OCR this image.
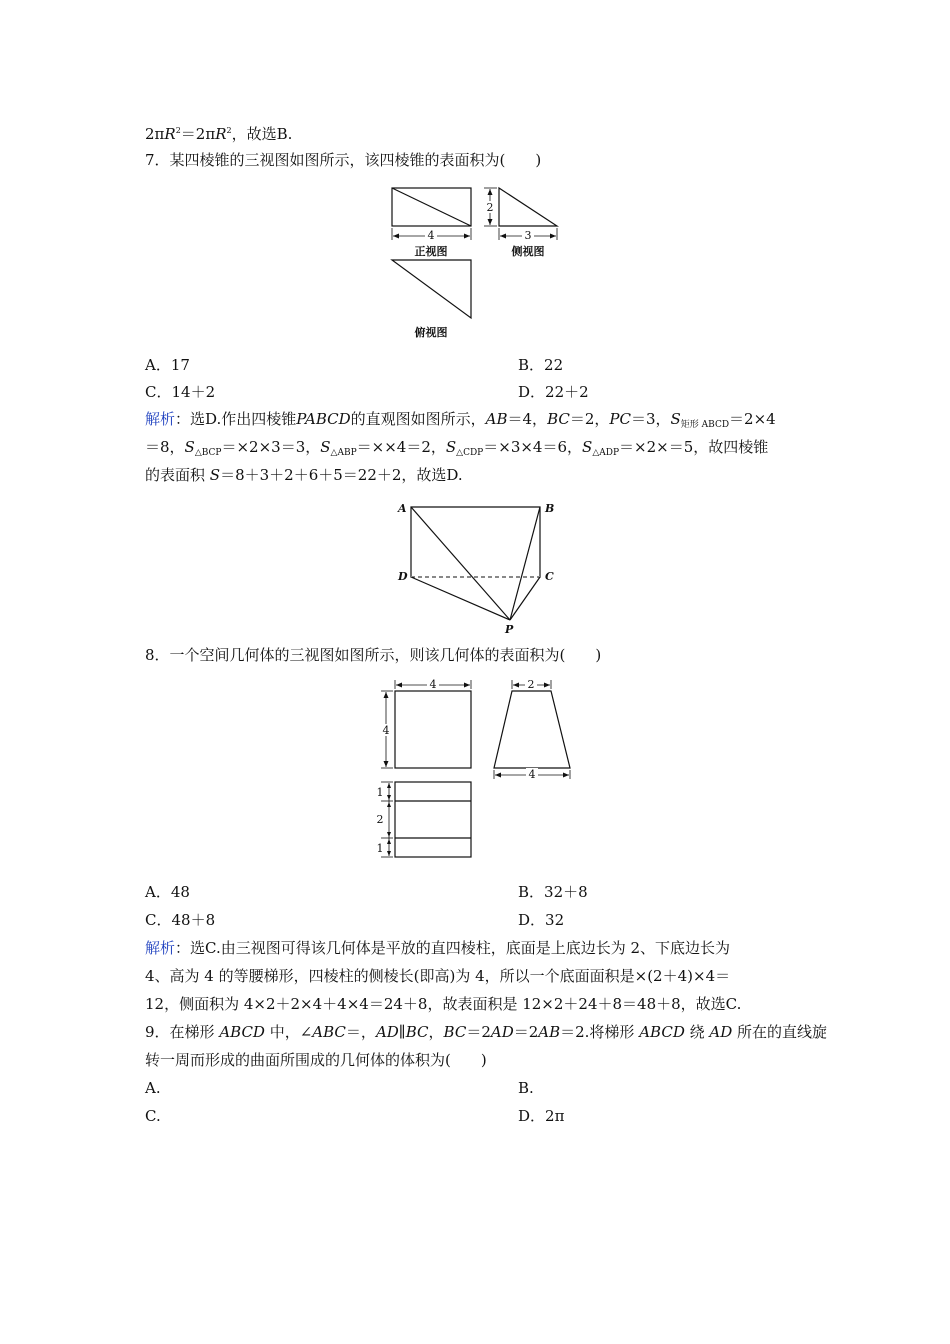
$2\pi R^2=2\pi R^2$，故选B.
7．某四棱锥的三视图如图所示，该四棱锥的表面积为(　　)
4
正视图
2
3
侧视图
俯视图
A．17	B．22
C．14＋2	D．22＋2
解析：选D.作出四棱锥PABCD的直观图如图所示，AB＝4，BC＝2，PC＝3，$S_{矩形 ABCD}=2\times 4$
＝8，$S_{\triangle BCP}=\times 2\times 3=3$，$S_{\triangle ABP}=\times\times 4=2$，$S_{\triangle CDP}=\times 3\times 4=6$，$S_{\triangle ADP}=\times 2\times=5$，故四棱锥
的表面积 S＝8＋3＋2＋6＋5＝22＋2，故选D.
A	B
C
D
P
8．一个空间几何体的三视图如图所示，则该几何体的表面积为(　　)
4
4
2
4
1
2
1
A．48	B．32＋8
C．48＋8	D．32
解析：选C.由三视图可得该几何体是平放的直四棱柱，底面是上底边长为 2、下底边长为
4、高为 4 的等腰梯形，四棱柱的侧棱长(即高)为 4，所以一个底面面积是×(2＋4)×4＝
12，侧面积为 4×2＋2×4＋4×4＝24＋8，故表面积是 12×2＋24＋8＝48＋8，故选C.
9．在梯形 ABCD 中，∠ABC＝，AD∥BC，BC＝2AD＝2AB＝2.将梯形 ABCD 绕 AD 所在的直线旋
转一周而形成的曲面所围成的几何体的体积为(　　)
A.	B.
C.	D．2π
